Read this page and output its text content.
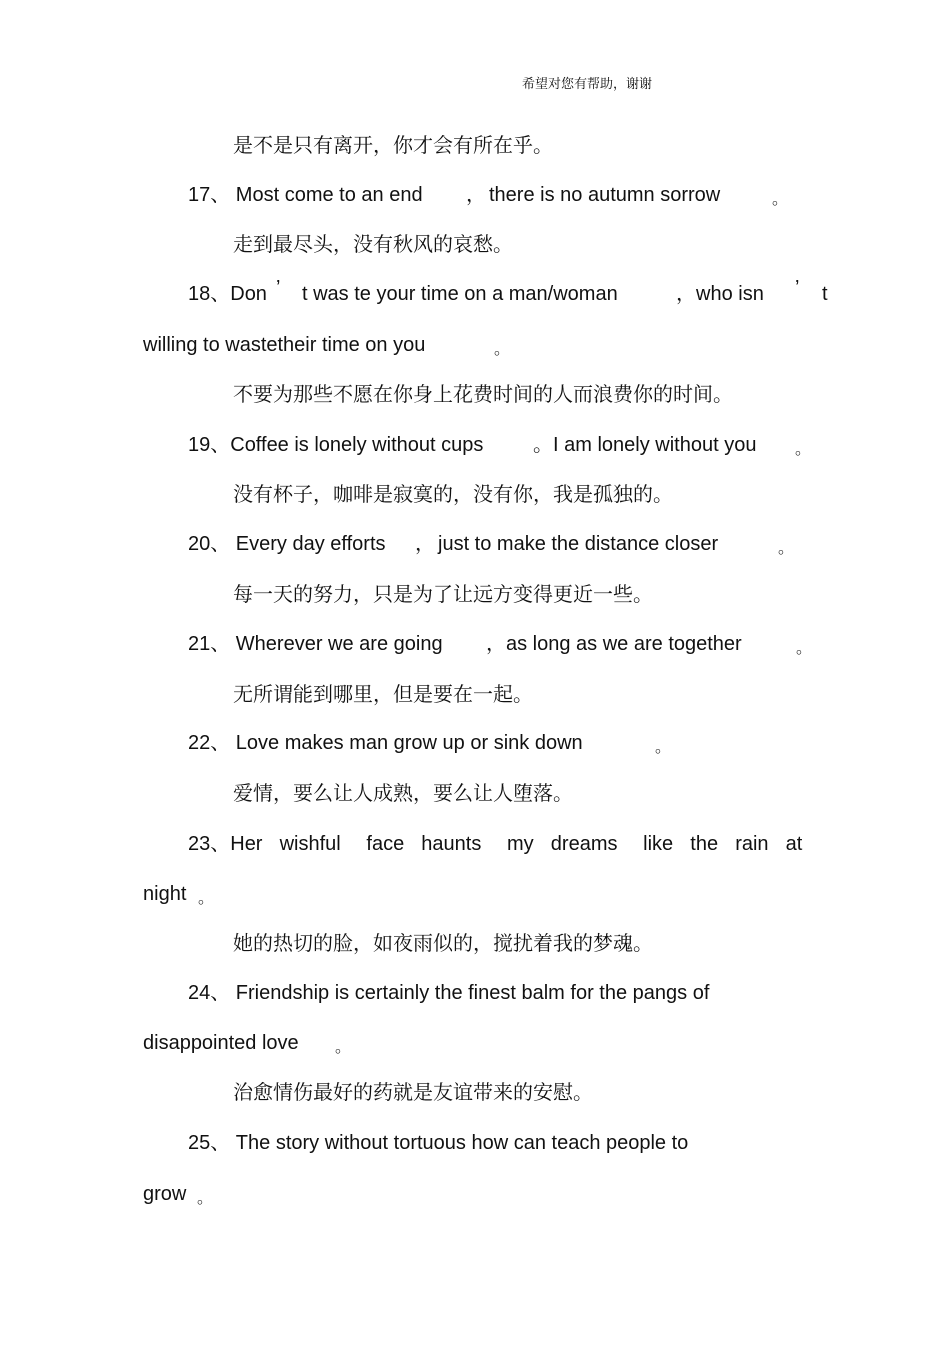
希望对您有帮助，谢谢
是不是只有离开，你才会有所在乎。
17、 Most come to an end ， there is no autumn sorrow	。
走到最尽头，没有秋风的哀愁。
18、Don ’ t was te your time on a man/woman	，who isn ’ t
willing to wastetheir time on you	。
不要为那些不愿在你身上花费时间的人而浪费你的时间。
19、Coffee is lonely without cups 。I am lonely without you 。
没有杯子，咖啡是寂寞的，没有你，我是孤独的。
20、 Every day efforts ， just to make the distance closer	。
每一天的努力，只是为了让远方变得更近一些。
21、 Wherever we are going ，as long as we are together	。
无所谓能到哪里，但是要在一起。
22、 Love makes man grow up or sink down	。
爱情，要么让人成熟，要么让人堕落。
23、Her  wishful   face  haunts   my  dreams   like  the  rain  at
night 。
她的热切的脸，如夜雨似的，搅扰着我的梦魂。
24、 Friendship is certainly the finest balm for the pangs of
disappointed love 。
治愈情伤最好的药就是友谊带来的安慰。
25、 The story without tortuous how can teach people to
grow 。
